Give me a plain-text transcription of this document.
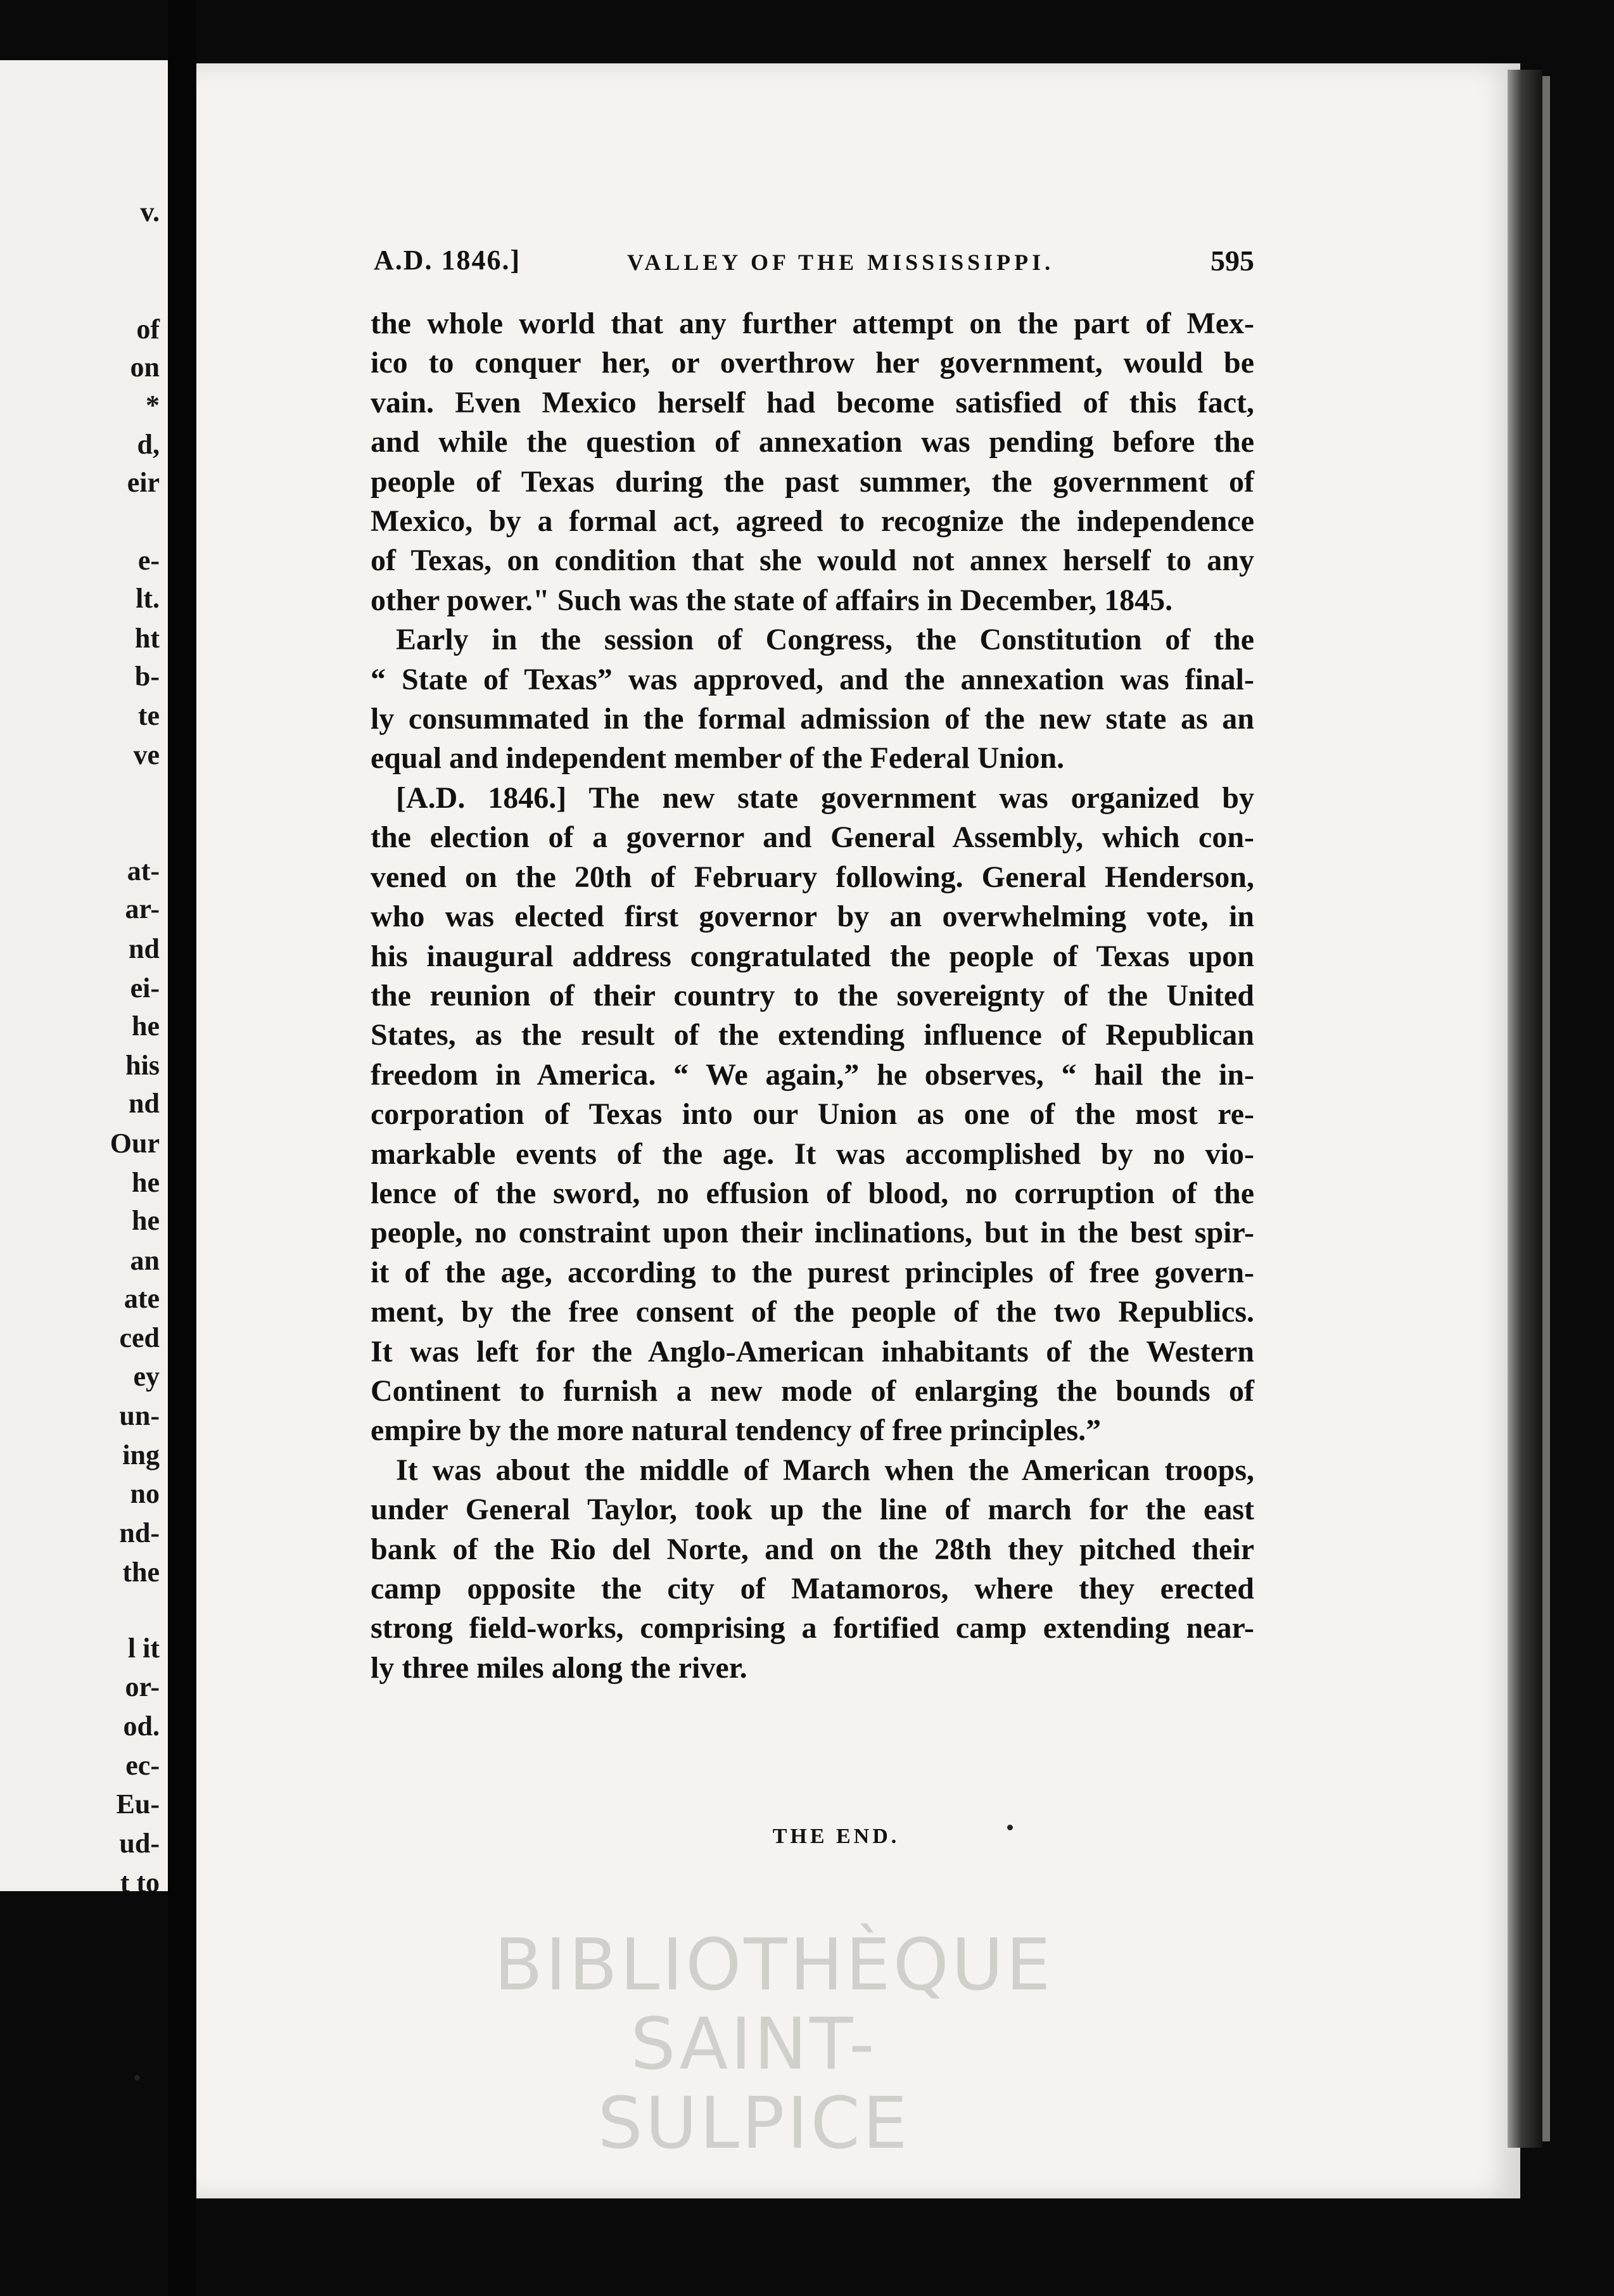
v.
of
on
*
d,
eir
e-
lt.
ht
b-
te
ve
at-
ar-
nd
ei-
he
his
nd
Our
he
he
an
ate
ced
ey
un-
ing
no
nd-
the
l it
or-
od.
ec-
Eu-
ud-
t to
A.D. 1846.]	VALLEY OF THE MISSISSIPPI.	595
the whole world that any further attempt on the part of Mex-
ico to conquer her, or overthrow her government, would be
vain. Even Mexico herself had become satisfied of this fact,
and while the question of annexation was pending before the
people of Texas during the past summer, the government of
Mexico, by a formal act, agreed to recognize the independence
of Texas, on condition that she would not annex herself to any
other power." Such was the state of affairs in December, 1845.
Early in the session of Congress, the Constitution of the
“ State of Texas” was approved, and the annexation was final-
ly consummated in the formal admission of the new state as an
equal and independent member of the Federal Union.
[A.D. 1846.] The new state government was organized by
the election of a governor and General Assembly, which con-
vened on the 20th of February following. General Henderson,
who was elected first governor by an overwhelming vote, in
his inaugural address congratulated the people of Texas upon
the reunion of their country to the sovereignty of the United
States, as the result of the extending influence of Republican
freedom in America. “ We again,” he observes, “ hail the in-
corporation of Texas into our Union as one of the most re-
markable events of the age. It was accomplished by no vio-
lence of the sword, no effusion of blood, no corruption of the
people, no constraint upon their inclinations, but in the best spir-
it of the age, according to the purest principles of free govern-
ment, by the free consent of the people of the two Republics.
It was left for the Anglo-American inhabitants of the Western
Continent to furnish a new mode of enlarging the bounds of
empire by the more natural tendency of free principles.”
It was about the middle of March when the American troops,
under General Taylor, took up the line of march for the east
bank of the Rio del Norte, and on the 28th they pitched their
camp opposite the city of Matamoros, where they erected
strong field-works, comprising a fortified camp extending near-
ly three miles along the river.
THE END.
BIBLIOTHÈQUE
SAINT-SULPICE
